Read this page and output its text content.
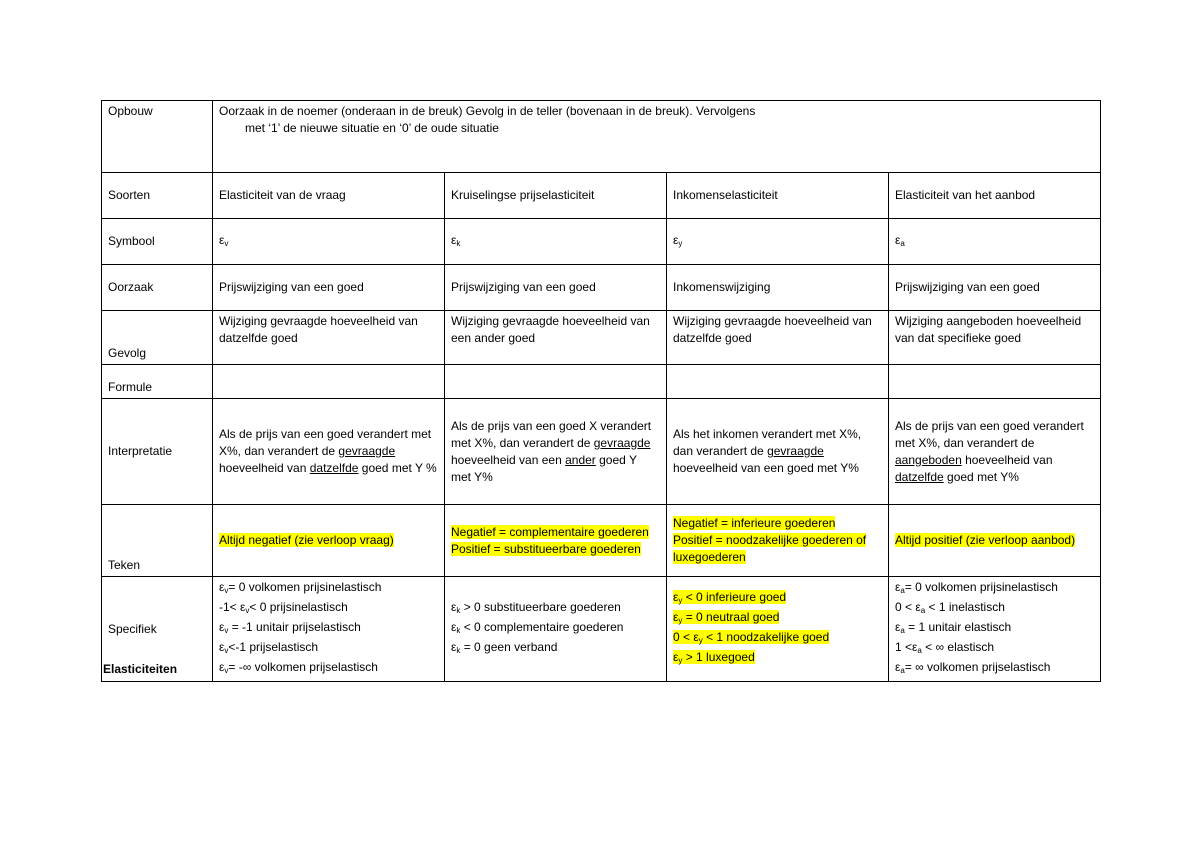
Opbouw	Oorzaak in de noemer (onderaan in de breuk) Gevolg in de teller (bovenaan in de breuk). Vervolgens
met ‘1’ de nieuwe situatie en ‘0’ de oude situatie			

Soorten	Elasticiteit van de vraag	Kruiselingse prijselasticiteit	Inkomenselasticiteit	Elasticiteit van het aanbod
Symbool	$\varepsilon_v$	$\varepsilon_k$	$\varepsilon_y$	$\varepsilon_a$
Oorzaak	Prijswijziging van een goed	Prijswijziging van een goed	Inkomenswijziging	Prijswijziging van een goed
Gevolg	Wijziging gevraagde hoeveelheid van datzelfde goed	Wijziging gevraagde hoeveelheid van een ander goed	Wijziging gevraagde hoeveelheid van datzelfde goed	Wijziging aangeboden hoeveelheid van dat specifieke goed
Formule				
Interpretatie	Als de prijs van een goed verandert met X%, dan verandert de gevraagde hoeveelheid van datzelfde goed met Y %	Als de prijs van een goed X verandert met X%, dan verandert de gevraagde hoeveelheid van een ander goed Y met Y%	Als het inkomen verandert met X%, dan verandert de gevraagde hoeveelheid van een goed met Y%	Als de prijs van een goed verandert met X%, dan verandert de aangeboden hoeveelheid van datzelfde goed met Y%
Teken	Altijd negatief (zie verloop vraag)	Negatief = complementaire goederen
Positief = substitueerbare goederen	Negatief = inferieure goederen
Positief = noodzakelijke goederen of luxegoederen	Altijd positief (zie verloop aanbod)
Specifiek	$\varepsilon_v= 0$ volkomen prijsinelastisch
$-1< \varepsilon_v< 0$ prijsinelastisch
$\varepsilon_v = -1$ unitair prijselastisch
$\varepsilon_v<-1$ prijselastisch
$\varepsilon_v=$ -∞ volkomen prijselastisch	$\varepsilon_k > 0$ substitueerbare goederen
$\varepsilon_k < 0$ complementaire goederen
$\varepsilon_k = 0$ geen verband	$\varepsilon_y < 0$ inferieure goed
$\varepsilon_y = 0$ neutraal goed
$0 < \varepsilon_y < 1$ noodzakelijke goed
$\varepsilon_y > 1$ luxegoed	$\varepsilon_a= 0$ volkomen prijsinelastisch
$0 < \varepsilon_a < 1$ inelastisch
$\varepsilon_a = 1$ unitair elastisch
$1 <\varepsilon_a$ < ∞ elastisch
$\varepsilon_a=$ ∞ volkomen prijselastisch
Elasticiteiten
